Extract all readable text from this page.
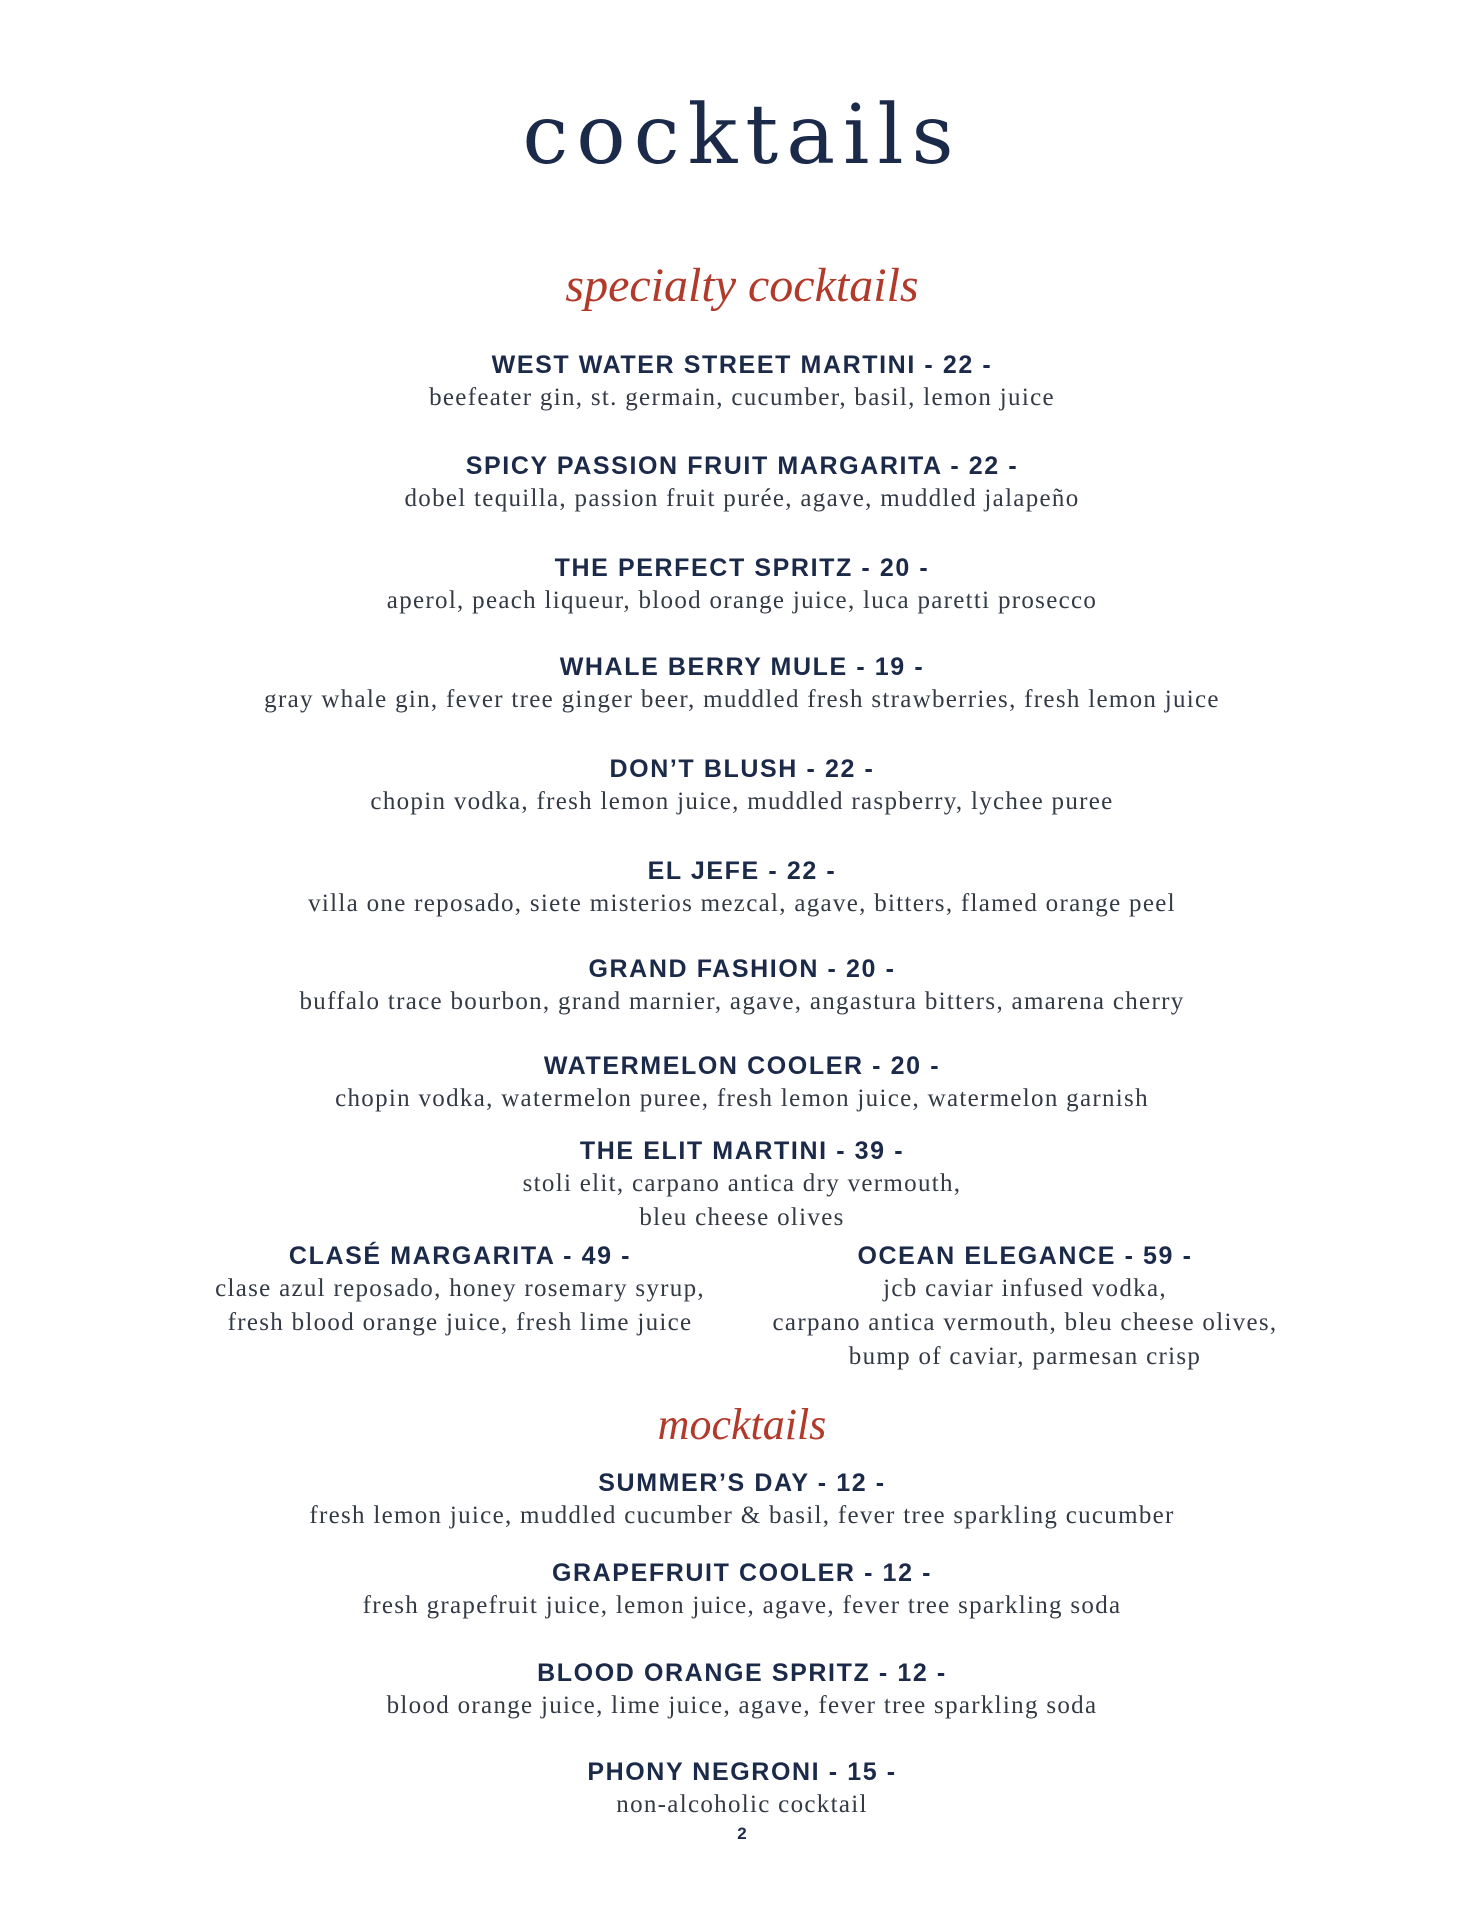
cocktails
specialty cocktails
WEST WATER STREET MARTINI - 22 -
beefeater gin, st. germain, cucumber, basil, lemon juice
SPICY PASSION FRUIT MARGARITA - 22 -
dobel tequilla, passion fruit purée, agave, muddled jalapeño
THE PERFECT SPRITZ - 20 -
aperol, peach liqueur, blood orange juice, luca paretti prosecco
WHALE BERRY MULE - 19 -
gray whale gin, fever tree ginger beer, muddled fresh strawberries, fresh lemon juice
DON’T BLUSH - 22 -
chopin vodka, fresh lemon juice, muddled raspberry, lychee puree
EL JEFE - 22 -
villa one reposado, siete misterios mezcal, agave, bitters, flamed orange peel
GRAND FASHION - 20 -
buffalo trace bourbon, grand marnier, agave, angastura bitters, amarena cherry
WATERMELON COOLER - 20 -
chopin vodka, watermelon puree, fresh lemon juice, watermelon garnish
THE ELIT MARTINI - 39 -
stoli elit, carpano antica dry vermouth,
bleu cheese olives
CLASÉ MARGARITA - 49 -
clase azul reposado, honey rosemary syrup,
fresh blood orange juice, fresh lime juice
OCEAN ELEGANCE - 59 -
jcb caviar infused vodka,
carpano antica vermouth, bleu cheese olives,
bump of caviar, parmesan crisp
mocktails
SUMMER’S DAY - 12 -
fresh lemon juice, muddled cucumber & basil, fever tree sparkling cucumber
GRAPEFRUIT COOLER - 12 -
fresh grapefruit juice, lemon juice, agave, fever tree sparkling soda
BLOOD ORANGE SPRITZ - 12 -
blood orange juice, lime juice, agave, fever tree sparkling soda
PHONY NEGRONI - 15 -
non-alcoholic cocktail
2
